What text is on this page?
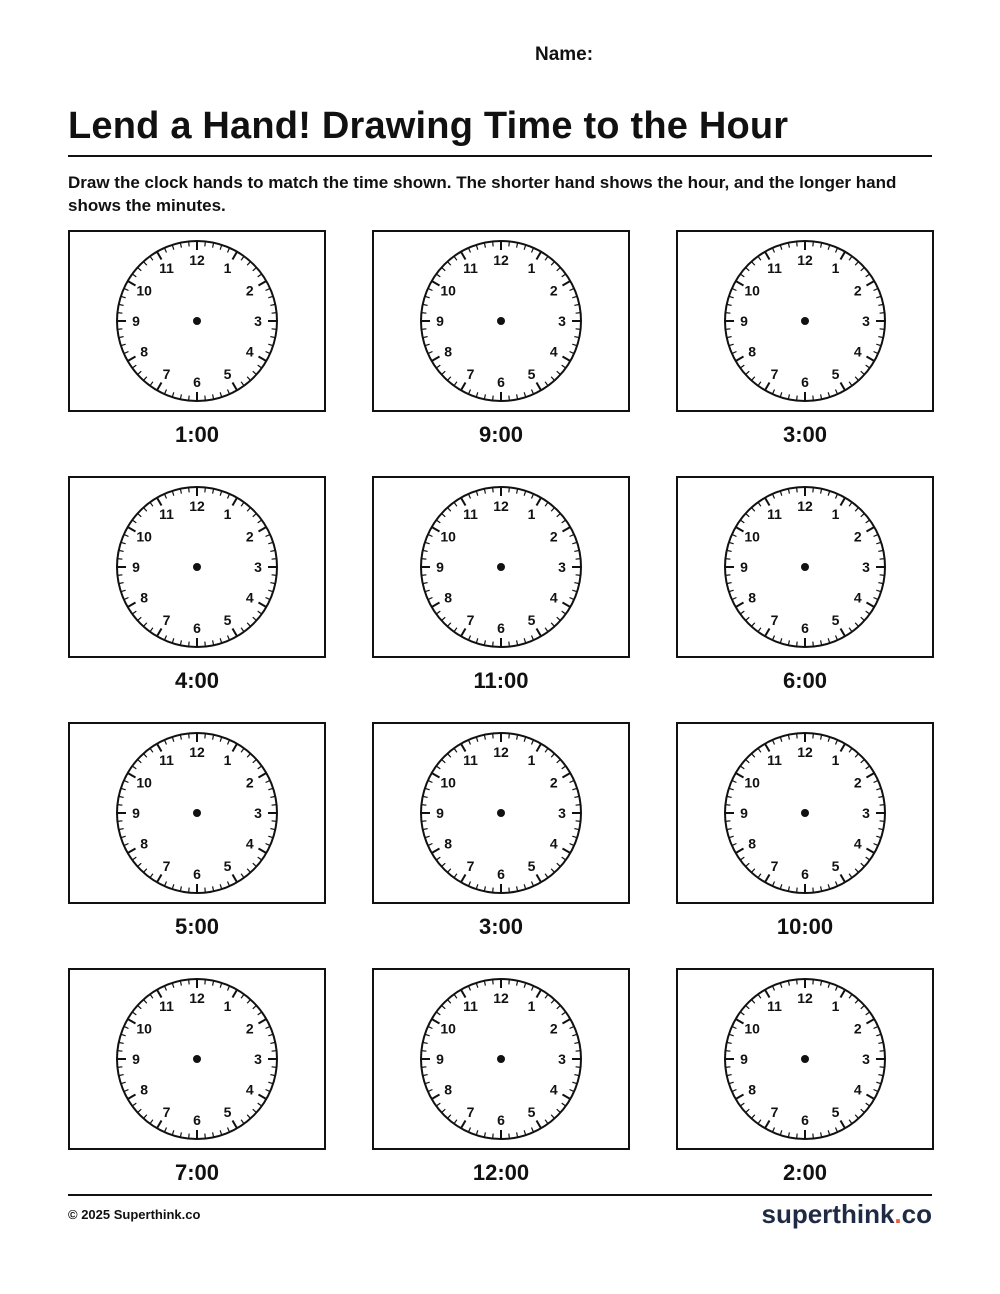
Name:
Lend a Hand! Drawing Time to the Hour

Draw the clock hands to match the time shown. The shorter hand shows the hour, and the longer hand shows the minutes.

12
1
2
3
4
5
6
7
8
9
10
11
1:00
12
1
2
3
4
5
6
7
8
9
10
11
9:00
12
1
2
3
4
5
6
7
8
9
10
11
3:00
12
1
2
3
4
5
6
7
8
9
10
11
4:00
12
1
2
3
4
5
6
7
8
9
10
11
11:00
12
1
2
3
4
5
6
7
8
9
10
11
6:00
12
1
2
3
4
5
6
7
8
9
10
11
5:00
12
1
2
3
4
5
6
7
8
9
10
11
3:00
12
1
2
3
4
5
6
7
8
9
10
11
10:00
12
1
2
3
4
5
6
7
8
9
10
11
7:00
12
1
2
3
4
5
6
7
8
9
10
11
12:00
12
1
2
3
4
5
6
7
8
9
10
11
2:00
© 2025 Superthink.co	superthink.co
